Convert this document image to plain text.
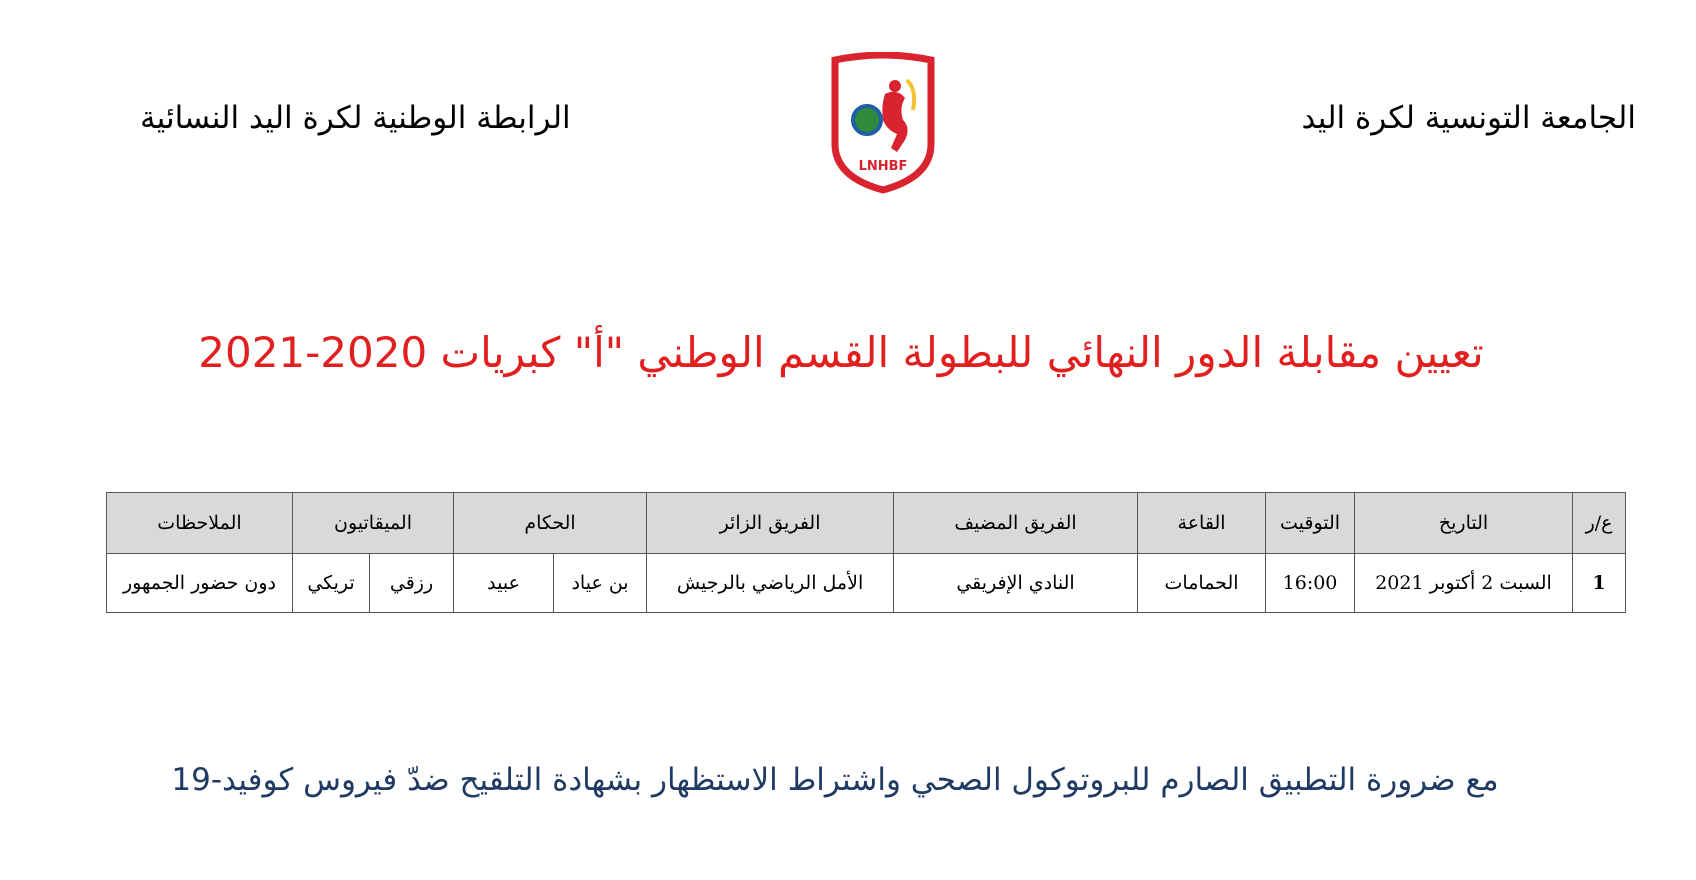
الجامعة التونسية لكرة اليد
LNHBF
الرابطة الوطنية لكرة اليد النسائية
تعيين مقابلة الدور النهائي للبطولة القسم الوطني "أ" كبريات 2020-2021
ع/ر	التاريخ	التوقيت	القاعة	الفريق المضيف	الفريق الزائر	الحكام		الميقاتيون		الملاحظات
1	السبت 2 أكتوبر 2021	16:00	الحمامات	النادي الإفريقي	الأمل الرياضي بالرجيش	بن عياد	عبيد	رزقي	تريكي	دون حضور الجمهور
مع ضرورة التطبيق الصارم للبروتوكول الصحي واشتراط الاستظهار بشهادة التلقيح ضدّ فيروس كوفيد-19
